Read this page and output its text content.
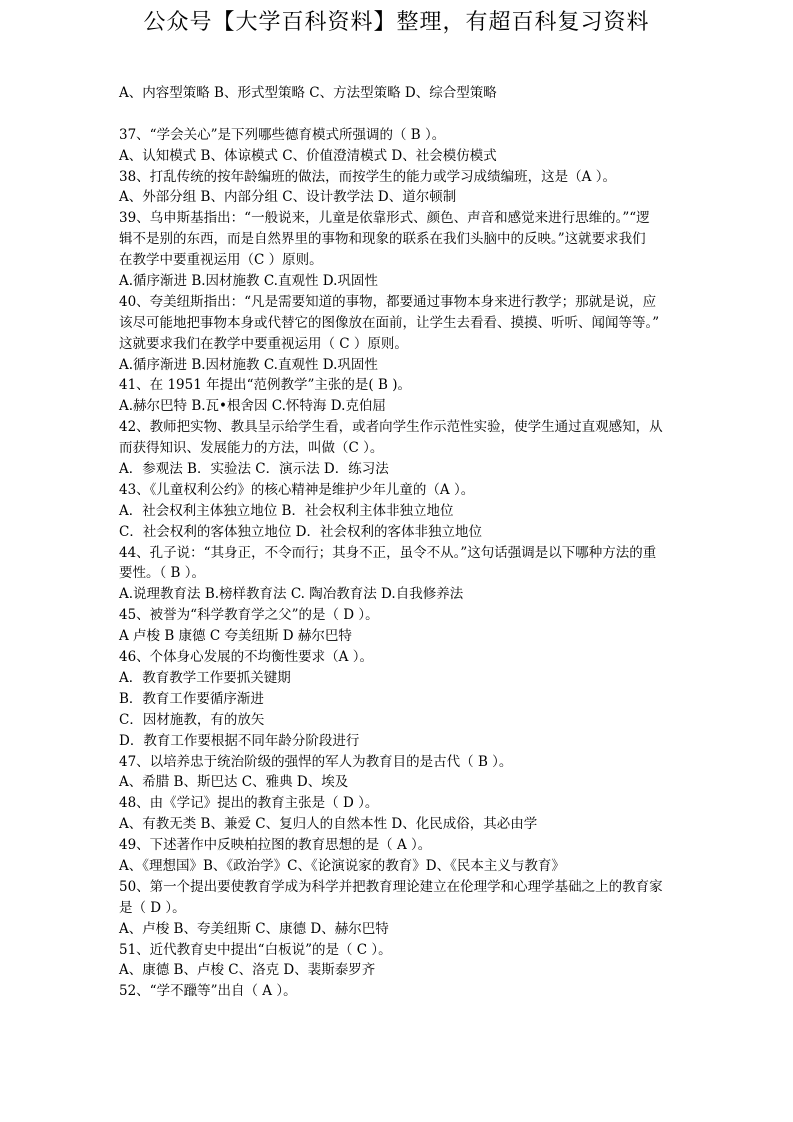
公众号【大学百科资料】整理，有超百科复习资料
A、内容型策略 B、形式型策略 C、方法型策略 D、综合型策略
37、“学会关心”是下列哪些德育模式所强调的（ B ）。
A、认知模式 B、体谅模式 C、价值澄清模式 D、社会模仿模式
38、打乱传统的按年龄编班的做法，而按学生的能力或学习成绩编班，这是（A ）。
A、外部分组 B、内部分组 C、设计教学法 D、道尔顿制
39、乌申斯基指出：“一般说来，儿童是依靠形式、颜色、声音和感觉来进行思维的。”“逻
辑不是别的东西，而是自然界里的事物和现象的联系在我们头脑中的反映。”这就要求我们
在教学中要重视运用（C ）原则。
A.循序渐进 B.因材施教 C.直观性 D.巩固性
40、夸美纽斯指出：“凡是需要知道的事物，都要通过事物本身来进行教学；那就是说，应
该尽可能地把事物本身或代替它的图像放在面前，让学生去看看、摸摸、听听、闻闻等等。”
这就要求我们在教学中要重视运用（ C ）原则。
A.循序渐进 B.因材施教 C.直观性 D.巩固性
41、在 1951 年提出“范例教学”主张的是( B )。
A.赫尔巴特 B.瓦•根舍因 C.怀特海 D.克伯屈
42、教师把实物、教具呈示给学生看，或者向学生作示范性实验，使学生通过直观感知，从
而获得知识、发展能力的方法，叫做（C ）。
A．参观法 B．实验法 C．演示法 D．练习法
43、《儿童权利公约》的核心精神是维护少年儿童的（A ）。
A．社会权利主体独立地位 B．社会权利主体非独立地位
C．社会权利的客体独立地位 D．社会权利的客体非独立地位
44、孔子说：“其身正，不令而行；其身不正，虽令不从。”这句话强调是以下哪种方法的重
要性。（ B ）。
A.说理教育法 B.榜样教育法 C. 陶冶教育法 D.自我修养法
45、被誉为“科学教育学之父”的是（ D ）。
A 卢梭 B 康德 C 夸美纽斯 D 赫尔巴特
46、个体身心发展的不均衡性要求（A ）。
A．教育教学工作要抓关键期
B．教育工作要循序渐进
C．因材施教，有的放矢
D．教育工作要根据不同年龄分阶段进行
47、以培养忠于统治阶级的强悍的军人为教育目的是古代（ B ）。
A、希腊 B、斯巴达 C、雅典 D、埃及
48、由《学记》提出的教育主张是（ D ）。
A、有教无类 B、兼爱 C、复归人的自然本性 D、化民成俗，其必由学
49、下述著作中反映柏拉图的教育思想的是（ A ）。
A、《理想国》B、《政治学》C、《论演说家的教育》D、《民本主义与教育》
50、第一个提出要使教育学成为科学并把教育理论建立在伦理学和心理学基础之上的教育家
是（ D ）。
A、卢梭 B、夸美纽斯 C、康德 D、赫尔巴特
51、近代教育史中提出“白板说”的是（ C ）。
A、康德 B、卢梭 C、洛克 D、裴斯泰罗齐
52、“学不躐等”出自（ A ）。
